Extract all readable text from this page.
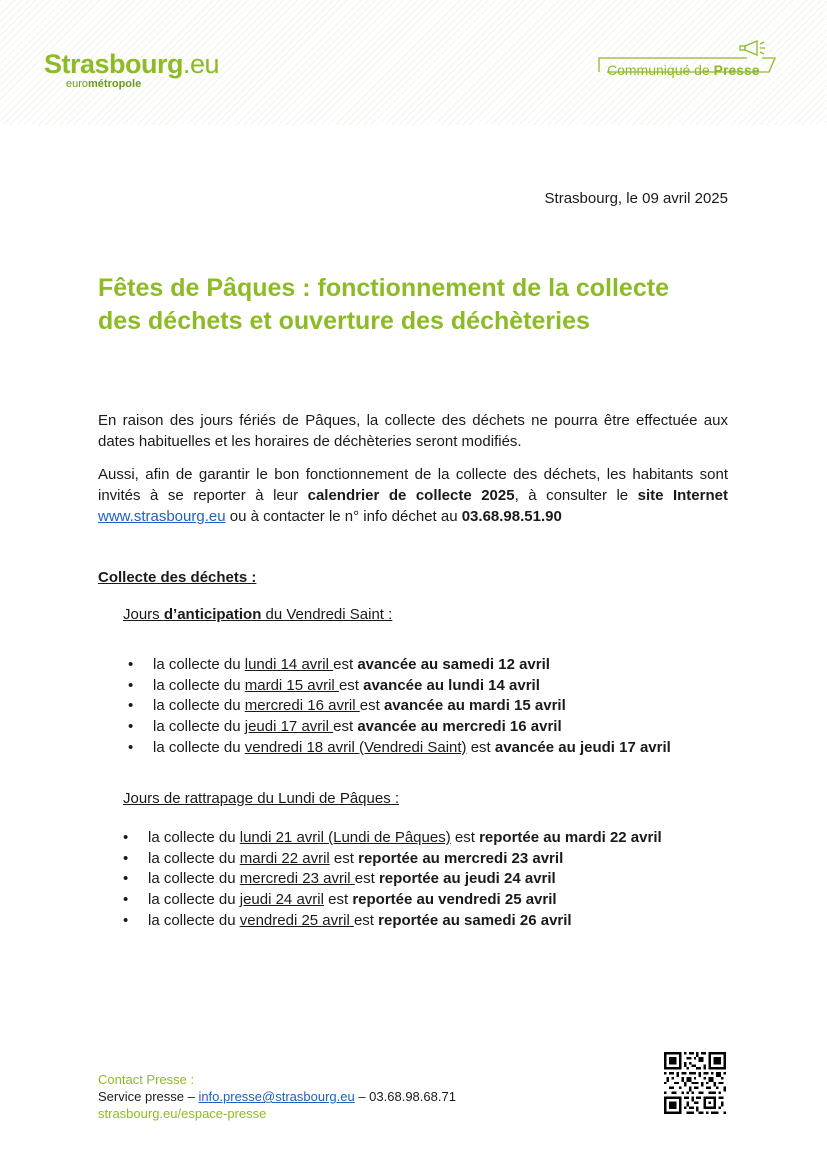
Strasbourg.eu
eurométropole
Communiqué de Presse
Strasbourg, le 09 avril 2025
Fêtes de Pâques : fonctionnement de la collecte des déchets et ouverture des déchèteries

En raison des jours fériés de Pâques, la collecte des déchets ne pourra être effectuée aux dates habituelles et les horaires de déchèteries seront modifiés.

Aussi, afin de garantir le bon fonctionnement de la collecte des déchets, les habitants sont invités à se reporter à leur calendrier de collecte 2025, à consulter le site Internet www.strasbourg.eu ou à contacter le n° info déchet au 03.68.98.51.90

Collecte des déchets :
Jours d’anticipation du Vendredi Saint :
• la collecte du lundi 14 avril est avancée au samedi 12 avril
• la collecte du mardi 15 avril est avancée au lundi 14 avril
• la collecte du mercredi 16 avril est avancée au mardi 15 avril
• la collecte du jeudi 17 avril est avancée au mercredi 16 avril
• la collecte du vendredi 18 avril (Vendredi Saint) est avancée au jeudi 17 avril
Jours de rattrapage du Lundi de Pâques :
• la collecte du lundi 21 avril (Lundi de Pâques) est reportée au mardi 22 avril
• la collecte du mardi 22 avril est reportée au mercredi 23 avril
• la collecte du mercredi 23 avril est reportée au jeudi 24 avril
• la collecte du jeudi 24 avril est reportée au vendredi 25 avril
• la collecte du vendredi 25 avril est reportée au samedi 26 avril
Contact Presse :
Service presse – info.presse@strasbourg.eu – 03.68.98.68.71
strasbourg.eu/espace-presse
